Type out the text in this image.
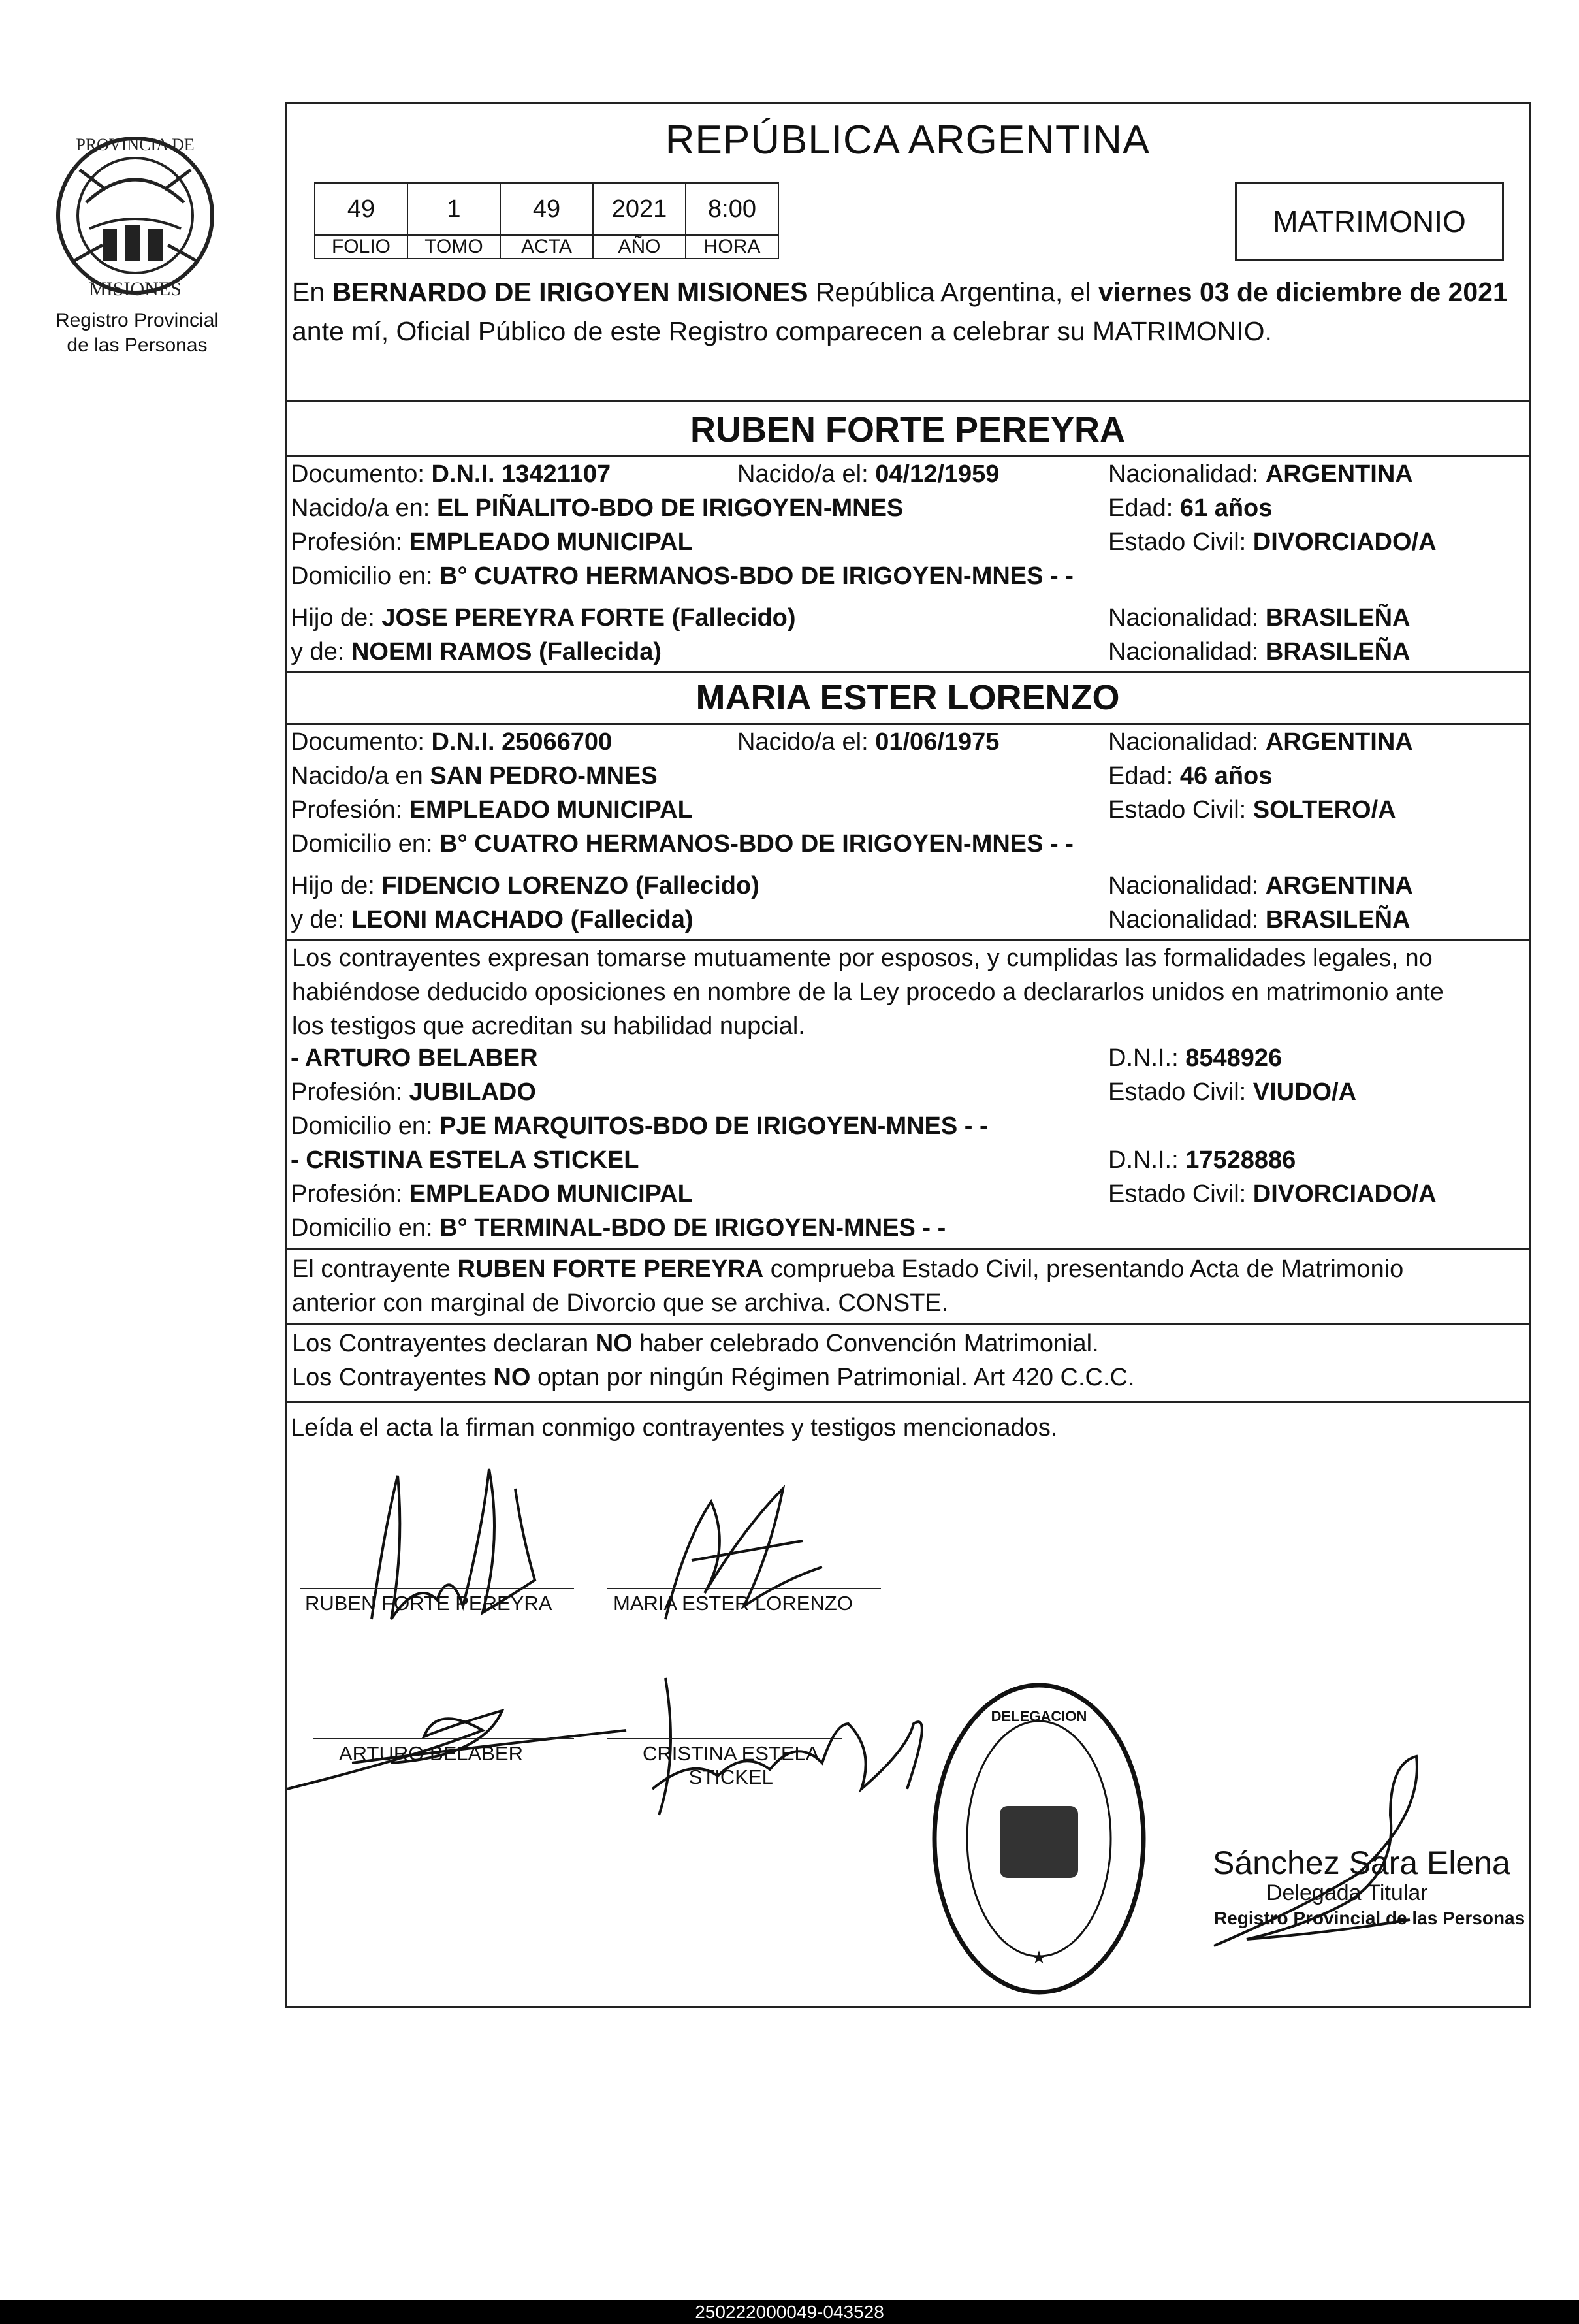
PROVINCIA DE
MISIONES
Registro Provincial
de las Personas
REPÚBLICA ARGENTINA
49	1	49	2021	8:00
FOLIO	TOMO	ACTA	AÑO	HORA
MATRIMONIO
En BERNARDO DE IRIGOYEN MISIONES República Argentina, el viernes 03 de diciembre de 2021 ante mí, Oficial Público de este Registro comparecen a celebrar su MATRIMONIO.
RUBEN FORTE PEREYRA
Documento: D.N.I. 13421107	Nacido/a el: 04/12/1959	Nacionalidad: ARGENTINA
Nacido/a en: EL PIÑALITO-BDO DE IRIGOYEN-MNES	Edad: 61 años
Profesión: EMPLEADO MUNICIPAL	Estado Civil: DIVORCIADO/A
Domicilio en: B° CUATRO HERMANOS-BDO DE IRIGOYEN-MNES - -
Hijo de: JOSE PEREYRA FORTE (Fallecido)	Nacionalidad: BRASILEÑA
y de: NOEMI RAMOS (Fallecida)	Nacionalidad: BRASILEÑA
MARIA ESTER LORENZO
Documento: D.N.I. 25066700	Nacido/a el: 01/06/1975	Nacionalidad: ARGENTINA
Nacido/a en SAN PEDRO-MNES	Edad: 46 años
Profesión: EMPLEADO MUNICIPAL	Estado Civil: SOLTERO/A
Domicilio en: B° CUATRO HERMANOS-BDO DE IRIGOYEN-MNES - -
Hijo de: FIDENCIO LORENZO (Fallecido)	Nacionalidad: ARGENTINA
y de: LEONI MACHADO (Fallecida)	Nacionalidad: BRASILEÑA
Los contrayentes expresan tomarse mutuamente por esposos, y cumplidas las formalidades legales, no
habiéndose deducido oposiciones en nombre de la Ley procedo a declararlos unidos en matrimonio ante
los testigos que acreditan su habilidad nupcial.
- ARTURO BELABER	D.N.I.: 8548926
Profesión: JUBILADO	Estado Civil: VIUDO/A
Domicilio en: PJE MARQUITOS-BDO DE IRIGOYEN-MNES - -
- CRISTINA ESTELA STICKEL	D.N.I.: 17528886
Profesión: EMPLEADO MUNICIPAL	Estado Civil: DIVORCIADO/A
Domicilio en: B° TERMINAL-BDO DE IRIGOYEN-MNES - -
El contrayente RUBEN FORTE PEREYRA comprueba Estado Civil, presentando Acta de Matrimonio
anterior con marginal de Divorcio que se archiva. CONSTE.
Los Contrayentes declaran NO haber celebrado Convención Matrimonial.
Los Contrayentes NO optan por ningún Régimen Patrimonial. Art 420 C.C.C.
Leída el acta la firman conmigo contrayentes y testigos mencionados.
RUBEN FORTE PEREYRA	MARIA ESTER LORENZO
ARTURO BELABER	CRISTINA ESTELA
STICKEL
DELEGACION
★
Sánchez Sara Elena
Delegada Titular
Registro Provincial de las Personas
250222000049-043528
